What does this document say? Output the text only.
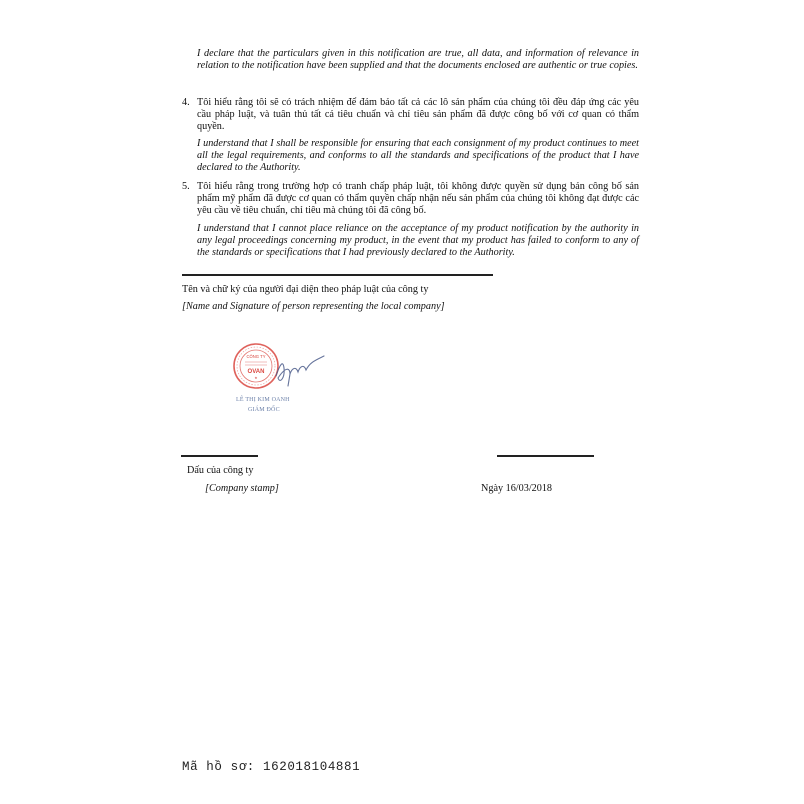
I declare that the particulars given in this notification are true, all data, and information of relevance in relation to the notification have been supplied and that the documents enclosed are authentic or true copies.
4. Tôi hiểu rằng tôi sẽ có trách nhiệm để đảm bảo tất cả các lô sản phẩm của chúng tôi đều đáp ứng các yêu cầu pháp luật, và tuân thủ tất cả tiêu chuẩn và chỉ tiêu sản phẩm đã được công bố với cơ quan có thẩm quyền.
I understand that I shall be responsible for ensuring that each consignment of my product continues to meet all the legal requirements, and conforms to all the standards and specifications of the product that I have declared to the Authority.
5. Tôi hiểu rằng trong trường hợp có tranh chấp pháp luật, tôi không được quyền sử dụng bản công bố sản phẩm mỹ phẩm đã được cơ quan có thẩm quyền chấp nhận nếu sản phẩm của chúng tôi không đạt được các yêu cầu về tiêu chuẩn, chỉ tiêu mà chúng tôi đã công bố.
I understand that I cannot place reliance on the acceptance of my product notification by the authority in any legal proceedings concerning my product, in the event that my product has failed to conform to any of the standards or specifications that I had previously declared to the Authority.
Tên và chữ ký của người đại diện theo pháp luật của công ty
[Name and Signature of person representing the local company]
CÔNG TY
OVAN
★
LÊ THỊ KIM OANH
GIÁM ĐỐC
Dấu của công ty
[Company stamp]	Ngày 16/03/2018
Mã hồ sơ: 162018104881
